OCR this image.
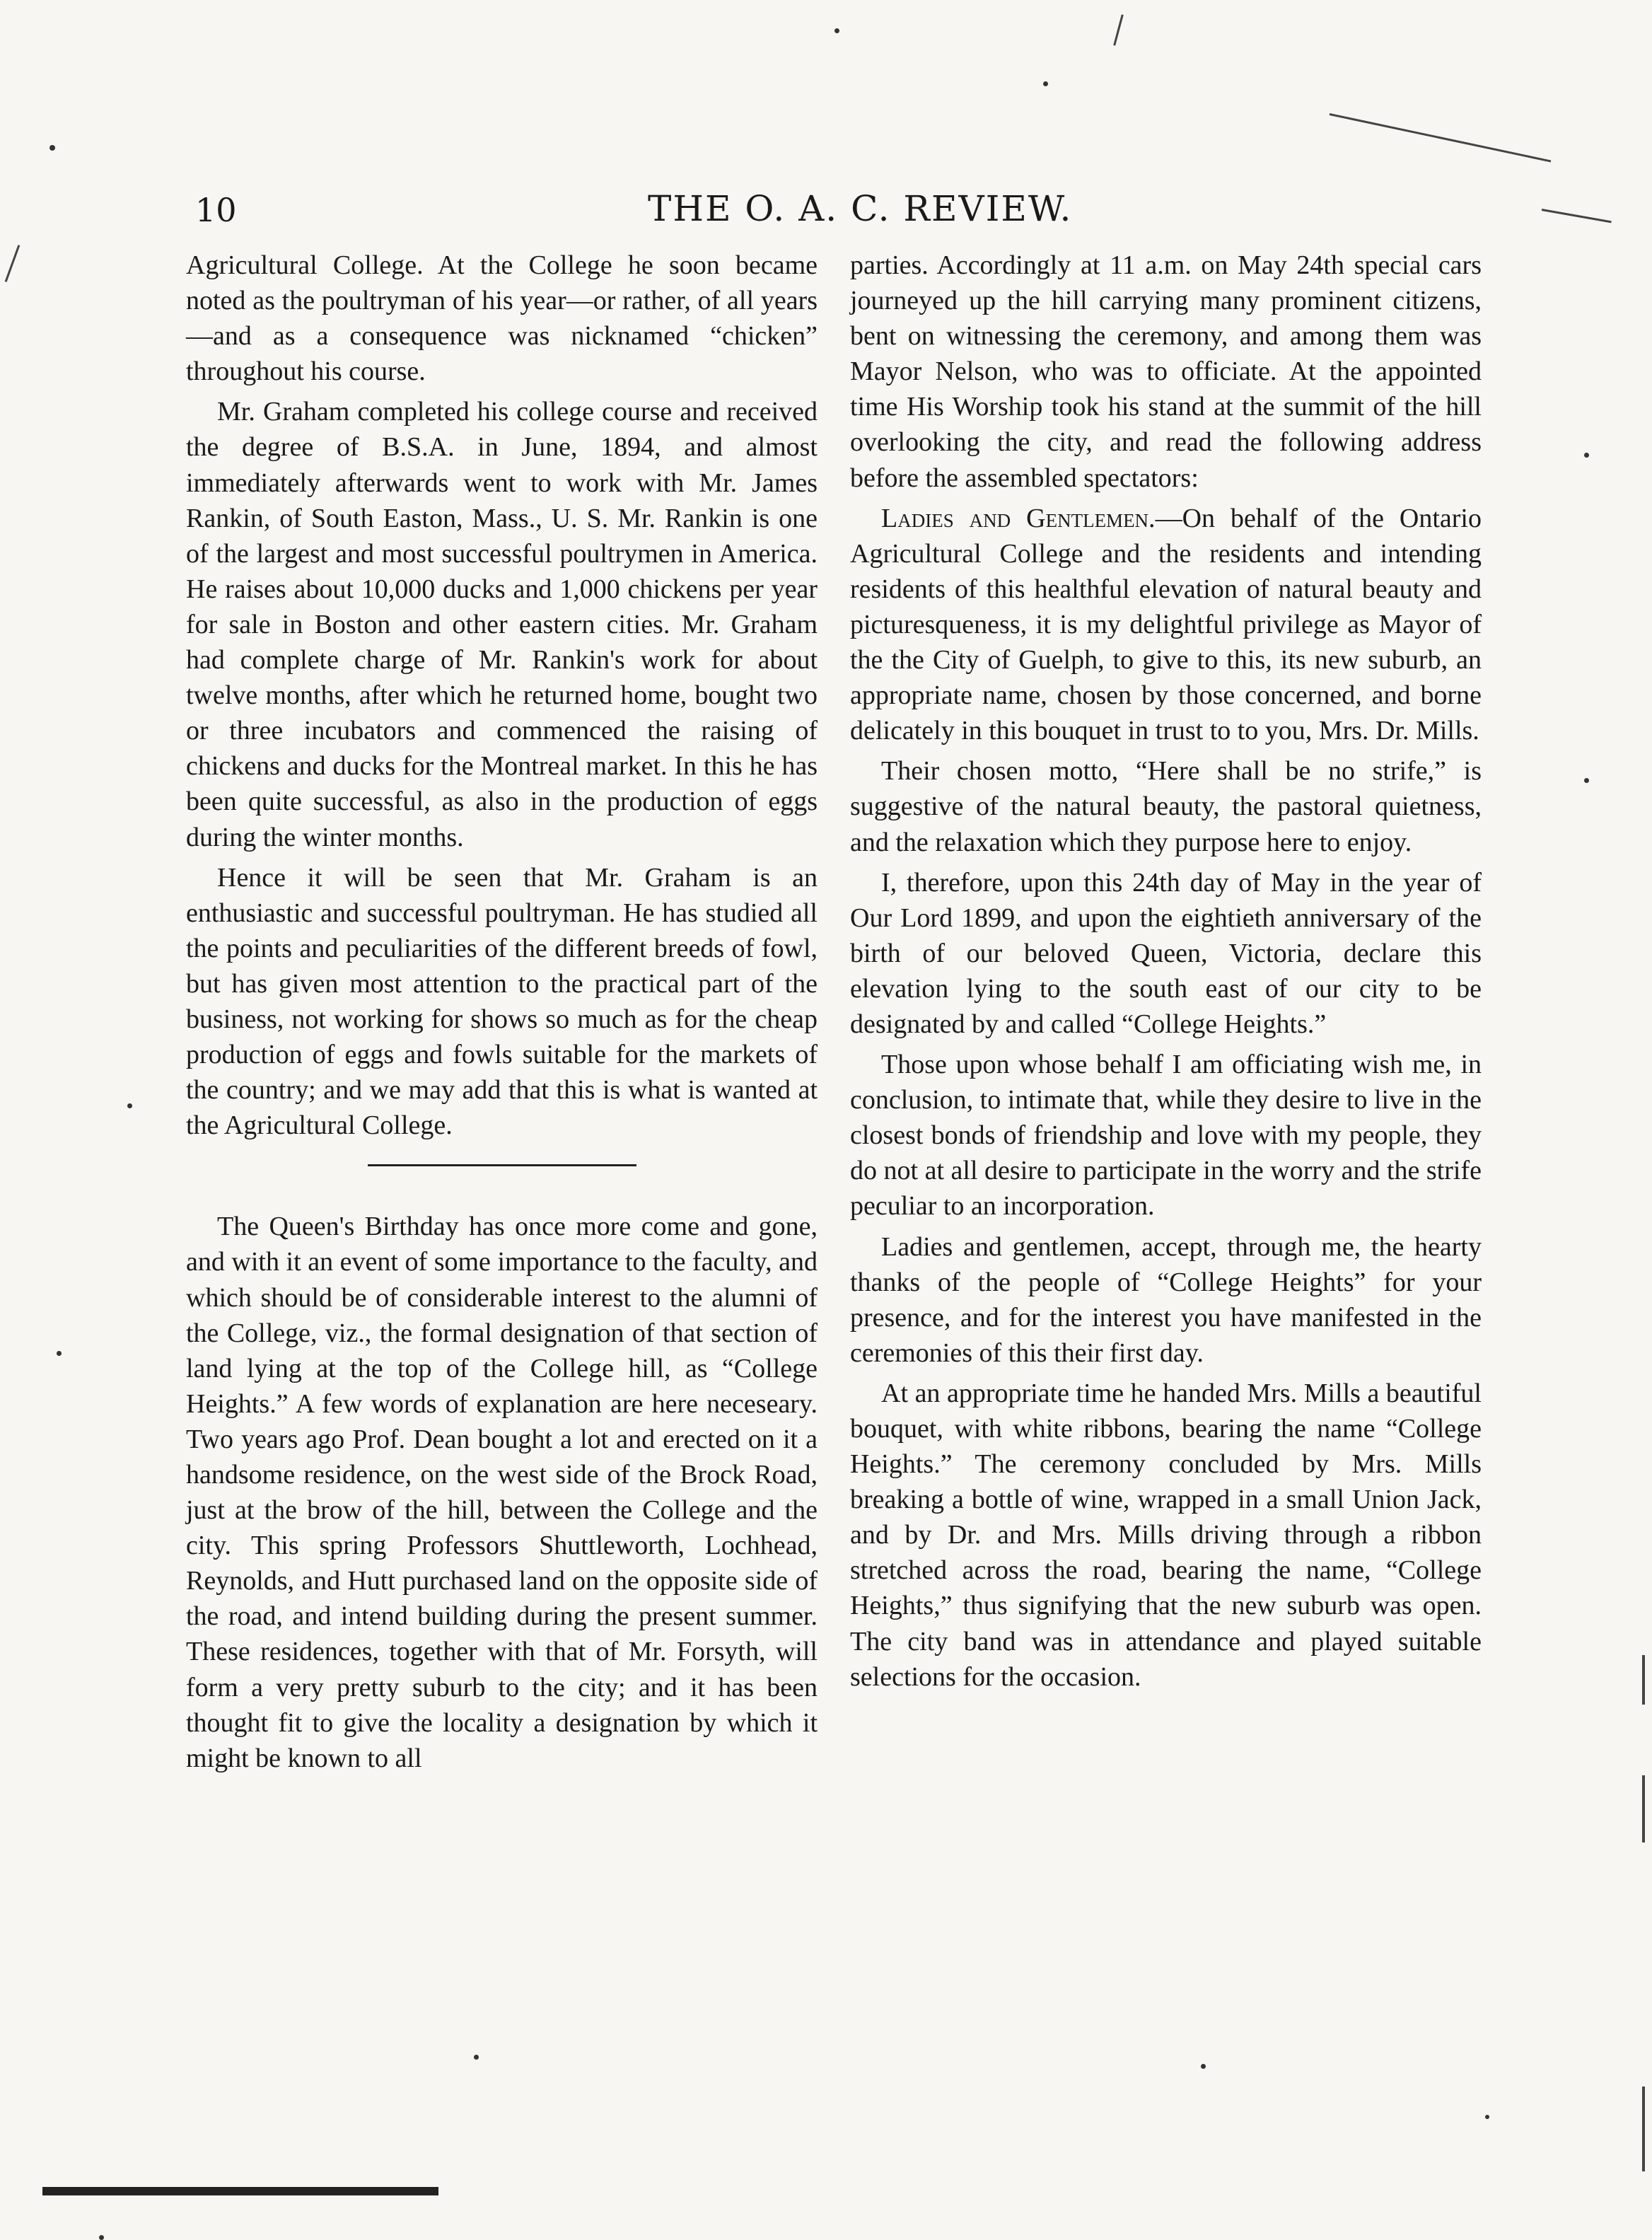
10	THE O. A. C. REVIEW.

Agricultural College. At the College he soon became noted as the poultryman of his year—or rather, of all years—and as a consequence was nicknamed “chicken” throughout his course.

Mr. Graham completed his college course and received the degree of B.S.A. in June, 1894, and almost immediately afterwards went to work with Mr. James Rankin, of South Easton, Mass., U. S. Mr. Rankin is one of the largest and most successful poultrymen in America. He raises about 10,000 ducks and 1,000 chickens per year for sale in Boston and other eastern cities. Mr. Graham had complete charge of Mr. Rankin's work for about twelve months, after which he returned home, bought two or three incubators and commenced the raising of chickens and ducks for the Montreal market. In this he has been quite successful, as also in the production of eggs during the winter months.

Hence it will be seen that Mr. Graham is an enthusiastic and successful poultryman. He has studied all the points and peculiarities of the different breeds of fowl, but has given most attention to the practical part of the business, not working for shows so much as for the cheap production of eggs and fowls suitable for the markets of the country; and we may add that this is what is wanted at the Agricultural College.

The Queen's Birthday has once more come and gone, and with it an event of some importance to the faculty, and which should be of considerable interest to the alumni of the College, viz., the formal designation of that section of land lying at the top of the College hill, as “College Heights.” A few words of explanation are here neceseary. Two years ago Prof. Dean bought a lot and erected on it a handsome residence, on the west side of the Brock Road, just at the brow of the hill, between the College and the city. This spring Professors Shuttleworth, Lochhead, Reynolds, and Hutt purchased land on the opposite side of the road, and intend building during the present summer. These residences, together with that of Mr. Forsyth, will form a very pretty suburb to the city; and it has been thought fit to give the locality a designation by which it might be known to all

parties. Accordingly at 11 a.m. on May 24th special cars journeyed up the hill carrying many prominent citizens, bent on witnessing the ceremony, and among them was Mayor Nelson, who was to officiate. At the appointed time His Worship took his stand at the summit of the hill overlooking the city, and read the following address before the assembled spectators:

Ladies and Gentlemen.—On behalf of the Ontario Agricultural College and the residents and intending residents of this healthful elevation of natural beauty and picturesqueness, it is my delightful privilege as Mayor of the the City of Guelph, to give to this, its new suburb, an appropriate name, chosen by those concerned, and borne delicately in this bouquet in trust to to you, Mrs. Dr. Mills.

Their chosen motto, “Here shall be no strife,” is suggestive of the natural beauty, the pastoral quietness, and the relaxation which they purpose here to enjoy.

I, therefore, upon this 24th day of May in the year of Our Lord 1899, and upon the eightieth anniversary of the birth of our beloved Queen, Victoria, declare this elevation lying to the south east of our city to be designated by and called “College Heights.”

Those upon whose behalf I am officiating wish me, in conclusion, to intimate that, while they desire to live in the closest bonds of friendship and love with my people, they do not at all desire to participate in the worry and the strife peculiar to an incorporation.

Ladies and gentlemen, accept, through me, the hearty thanks of the people of “College Heights” for your presence, and for the interest you have manifested in the ceremonies of this their first day.

At an appropriate time he handed Mrs. Mills a beautiful bouquet, with white ribbons, bearing the name “College Heights.” The ceremony concluded by Mrs. Mills breaking a bottle of wine, wrapped in a small Union Jack, and by Dr. and Mrs. Mills driving through a ribbon stretched across the road, bearing the name, “College Heights,” thus signifying that the new suburb was open. The city band was in attendance and played suitable selections for the occasion.
